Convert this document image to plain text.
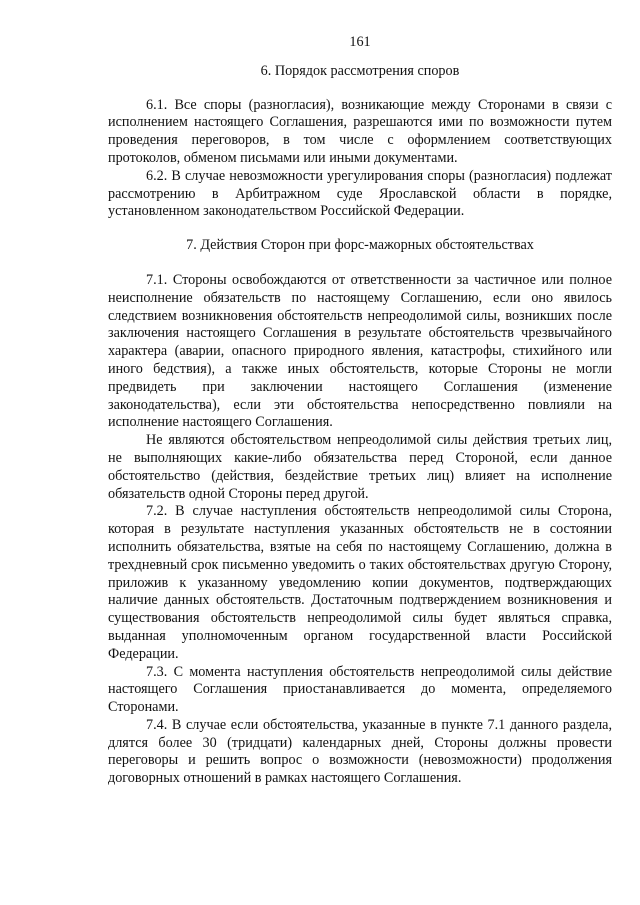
161
6. Порядок рассмотрения споров

6.1. Все споры (разногласия), возникающие между Сторонами в связи с исполнением настоящего Соглашения, разрешаются ими по возможности путем проведения переговоров, в том числе с оформлением соответствующих протоколов, обменом письмами или иными документами.

6.2. В случае невозможности урегулирования споры (разногласия) подлежат рассмотрению в Арбитражном суде Ярославской области в порядке, установленном законодательством Российской Федерации.

7. Действия Сторон при форс-мажорных обстоятельствах

7.1. Стороны освобождаются от ответственности за частичное или полное неисполнение обязательств по настоящему Соглашению, если оно явилось следствием возникновения обстоятельств непреодолимой силы, возникших после заключения настоящего Соглашения в результате обстоятельств чрезвычайного характера (аварии, опасного природного явления, катастрофы, стихийного или иного бедствия), а также иных обстоятельств, которые Стороны не могли предвидеть при заключении настоящего Соглашения (изменение законодательства), если эти обстоятельства непосредственно повлияли на исполнение настоящего Соглашения.

Не являются обстоятельством непреодолимой силы действия третьих лиц, не выполняющих какие-либо обязательства перед Стороной, если данное обстоятельство (действия, бездействие третьих лиц) влияет на исполнение обязательств одной Стороны перед другой.

7.2. В случае наступления обстоятельств непреодолимой силы Сторона, которая в результате наступления указанных обстоятельств не в состоянии исполнить обязательства, взятые на себя по настоящему Соглашению, должна в трехдневный срок письменно уведомить о таких обстоятельствах другую Сторону, приложив к указанному уведомлению копии документов, подтверждающих наличие данных обстоятельств. Достаточным подтверждением возникновения и существования обстоятельств непреодолимой силы будет являться справка, выданная уполномоченным органом государственной власти Российской Федерации.

7.3. С момента наступления обстоятельств непреодолимой силы действие настоящего Соглашения приостанавливается до момента, определяемого Сторонами.

7.4. В случае если обстоятельства, указанные в пункте 7.1 данного раздела, длятся более 30 (тридцати) календарных дней, Стороны должны провести переговоры и решить вопрос о возможности (невозможности) продолжения договорных отношений в рамках настоящего Соглашения.
